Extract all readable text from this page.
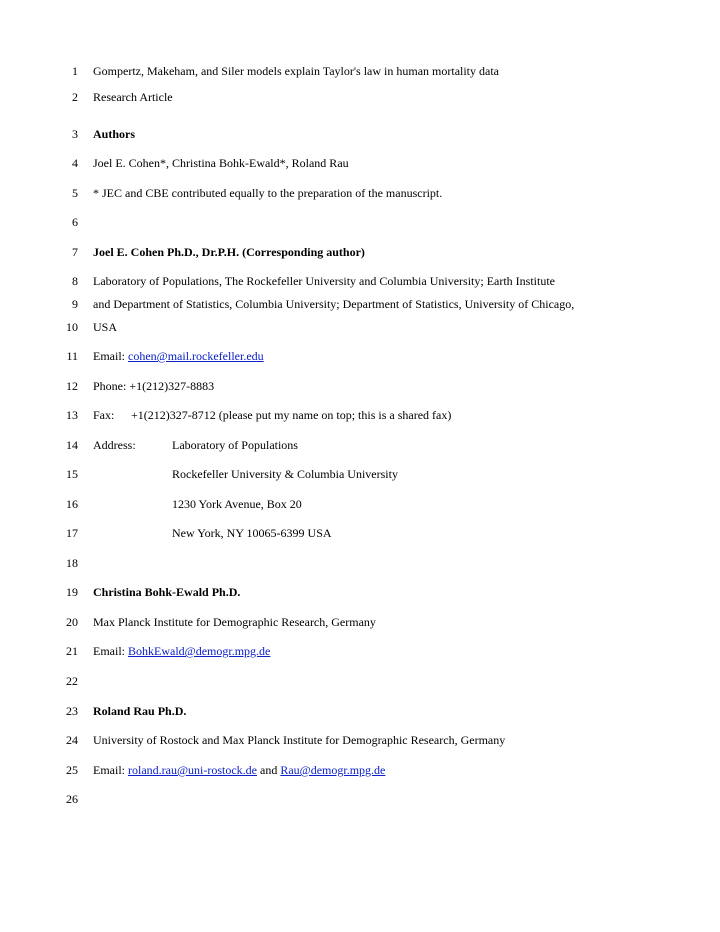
1 Gompertz, Makeham, and Siler models explain Taylor's law in human mortality data
2 Research Article
3 Authors
4 Joel E. Cohen*, Christina Bohk-Ewald*, Roland Rau
5 * JEC and CBE contributed equally to the preparation of the manuscript.
6
7 Joel E. Cohen Ph.D., Dr.P.H. (Corresponding author)
8 Laboratory of Populations, The Rockefeller University and Columbia University; Earth Institute
9 and Department of Statistics, Columbia University; Department of Statistics, University of Chicago,
10 USA
11 Email: cohen@mail.rockefeller.edu
12 Phone: +1(212)327-8883
13 Fax: +1(212)327-8712 (please put my name on top; this is a shared fax)
14 Address:	Laboratory of Populations
15	Rockefeller University & Columbia University
16	1230 York Avenue, Box 20
17	New York, NY 10065-6399 USA
18
19 Christina Bohk-Ewald Ph.D.
20 Max Planck Institute for Demographic Research, Germany
21 Email: BohkEwald@demogr.mpg.de
22
23 Roland Rau Ph.D.
24 University of Rostock and Max Planck Institute for Demographic Research, Germany
25 Email: roland.rau@uni-rostock.de and Rau@demogr.mpg.de
26
